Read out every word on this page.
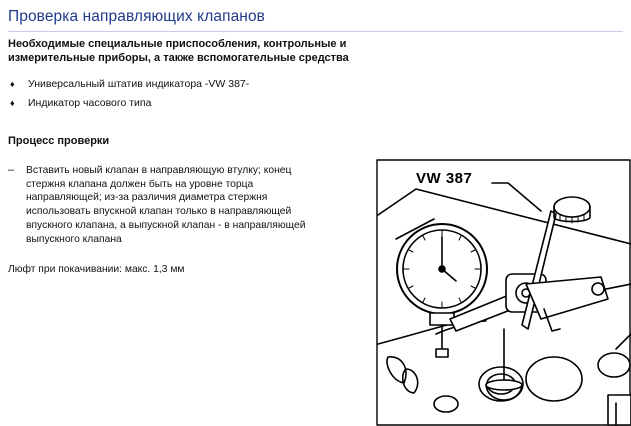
Проверка направляющих клапанов
Необходимые специальные приспособления, контрольные и
измерительные приборы, а также вспомогательные средства
♦ Универсальный штатив индикатора -VW 387-
♦ Индикатор часового типа
Процесс проверки
– Вставить новый клапан в направляющую втулку; конец
стержня клапана должен быть на уровне торца
направляющей; из-за различия диаметра стержня
использовать впускной клапан только в направляющей
впускного клапана, а выпускной клапан - в направляющей
выпускного клапана
Люфт при покачивании: макс. 1,3 мм
VW 387
